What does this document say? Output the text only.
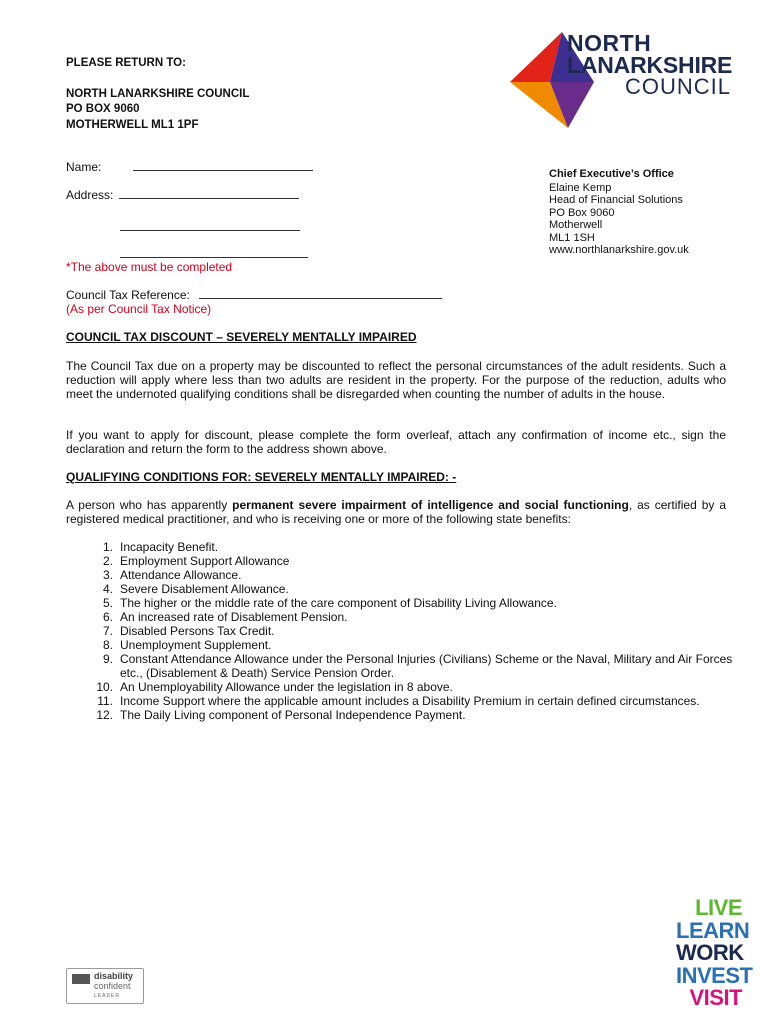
PLEASE RETURN TO:
NORTH LANARKSHIRE COUNCIL
PO BOX 9060
MOTHERWELL ML1 1PF
NORTH
LANARKSHIRE
COUNCIL
Name:
Address:
*The above must be completed
Chief Executive’s Office
Elaine Kemp
Head of Financial Solutions
PO Box 9060
Motherwell
ML1 1SH
www.northlanarkshire.gov.uk
Council Tax Reference:
(As per Council Tax Notice)
COUNCIL TAX DISCOUNT – SEVERELY MENTALLY IMPAIRED
The Council Tax due on a property may be discounted to reflect the personal circumstances of the adult residents. Such a reduction will apply where less than two adults are resident in the property. For the purpose of the reduction, adults who meet the undernoted qualifying conditions shall be disregarded when counting the number of adults in the house.
If you want to apply for discount, please complete the form overleaf, attach any confirmation of income etc., sign the declaration and return the form to the address shown above.
QUALIFYING CONDITIONS FOR: SEVERELY MENTALLY IMPAIRED: -
A person who has apparently permanent severe impairment of intelligence and social functioning, as certified by a registered medical practitioner, and who is receiving one or more of the following state benefits:
1. Incapacity Benefit.
2. Employment Support Allowance
3. Attendance Allowance.
4. Severe Disablement Allowance.
5. The higher or the middle rate of the care component of Disability Living Allowance.
6. An increased rate of Disablement Pension.
7. Disabled Persons Tax Credit.
8. Unemployment Supplement.
9. Constant Attendance Allowance under the Personal Injuries (Civilians) Scheme or the Naval, Military and Air Forces etc., (Disablement & Death) Service Pension Order.
10. An Unemployability Allowance under the legislation in 8 above.
11. Income Support where the applicable amount includes a Disability Premium in certain defined circumstances.
12. The Daily Living component of Personal Independence Payment.
disability
confident
LEADER
LIVE
LEARN
WORK
INVEST
VISIT
